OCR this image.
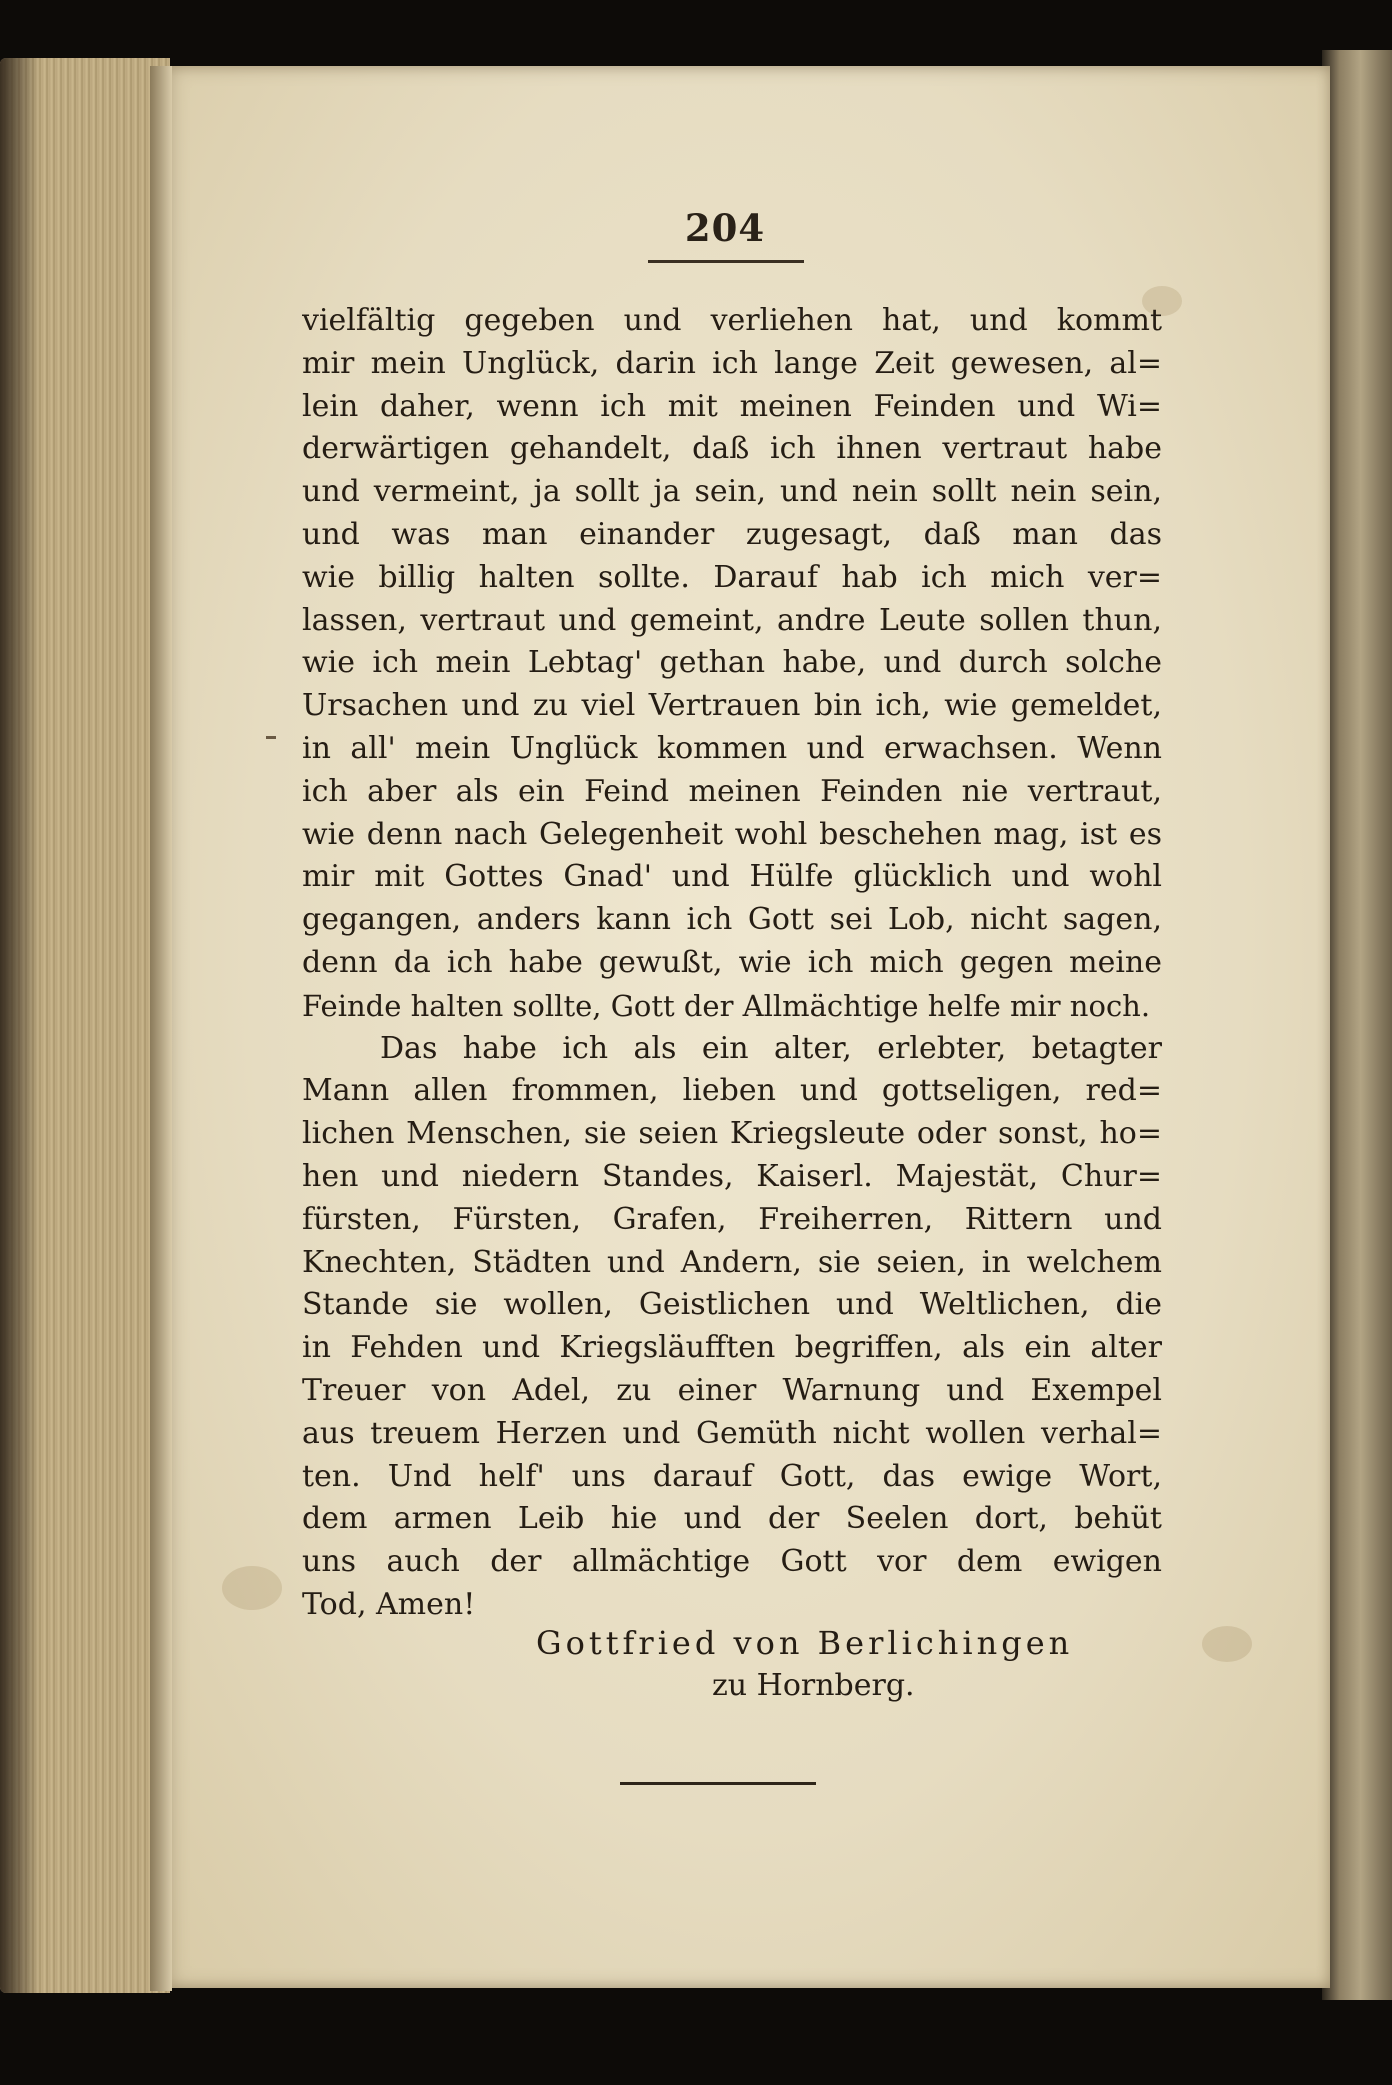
204
vielfältig gegeben und verliehen hat, und kommt
mir mein Unglück, darin ich lange Zeit gewesen, al=
lein daher, wenn ich mit meinen Feinden und Wi=
derwärtigen gehandelt, daß ich ihnen vertraut habe
und vermeint, ja sollt ja sein, und nein sollt nein sein,
und was man einander zugesagt, daß man das
wie billig halten sollte. Darauf hab ich mich ver=
lassen, vertraut und gemeint, andre Leute sollen thun,
wie ich mein Lebtag' gethan habe, und durch solche
Ursachen und zu viel Vertrauen bin ich, wie gemeldet,
in all' mein Unglück kommen und erwachsen. Wenn
ich aber als ein Feind meinen Feinden nie vertraut,
wie denn nach Gelegenheit wohl beschehen mag, ist es
mir mit Gottes Gnad' und Hülfe glücklich und wohl
gegangen, anders kann ich Gott sei Lob, nicht sagen,
denn da ich habe gewußt, wie ich mich gegen meine
Feinde halten sollte, Gott der Allmächtige helfe mir noch.
Das habe ich als ein alter, erlebter, betagter
Mann allen frommen, lieben und gottseligen, red=
lichen Menschen, sie seien Kriegsleute oder sonst, ho=
hen und niedern Standes, Kaiserl. Majestät, Chur=
fürsten, Fürsten, Grafen, Freiherren, Rittern und
Knechten, Städten und Andern, sie seien, in welchem
Stande sie wollen, Geistlichen und Weltlichen, die
in Fehden und Kriegsläufften begriffen, als ein alter
Treuer von Adel, zu einer Warnung und Exempel
aus treuem Herzen und Gemüth nicht wollen verhal=
ten. Und helf' uns darauf Gott, das ewige Wort,
dem armen Leib hie und der Seelen dort, behüt
uns auch der allmächtige Gott vor dem ewigen
Tod, Amen!
Gottfried von Berlichingen
zu Hornberg.
